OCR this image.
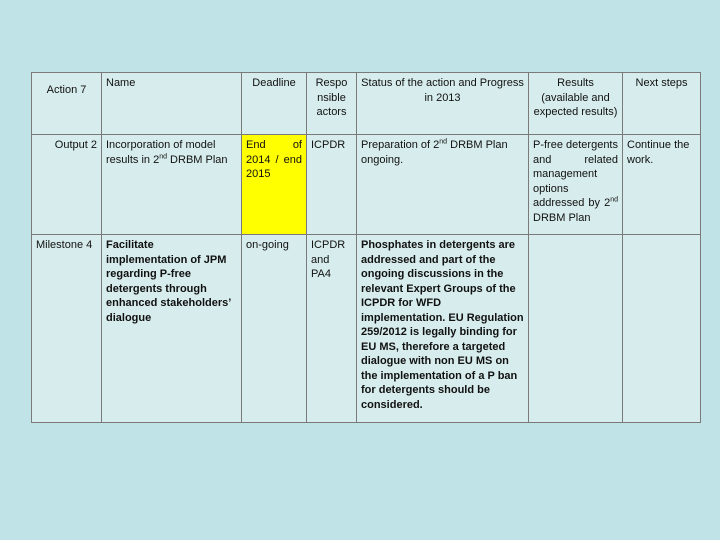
Action 7	Name	Deadline	Respo nsible actors	Status of the action and Progress in 2013	Results (available and expected results)	Next steps
Output 2	Incorporation of model results in 2nd DRBM Plan	End of 2014 / end 2015	ICPDR	Preparation of 2nd DRBM Plan ongoing.	P-free detergents and related management options addressed by 2nd DRBM Plan	Continue the work.
Milestone 4	Facilitate implementation of JPM regarding P-free detergents through enhanced stakeholders’ dialogue	on-going	ICPDR and PA4	Phosphates in detergents are addressed and part of the ongoing discussions in the relevant Expert Groups of the ICPDR for WFD implementation. EU Regulation 259/2012 is legally binding for EU MS, therefore a targeted dialogue with non EU MS on the implementation of a P ban for detergents should be considered.		
